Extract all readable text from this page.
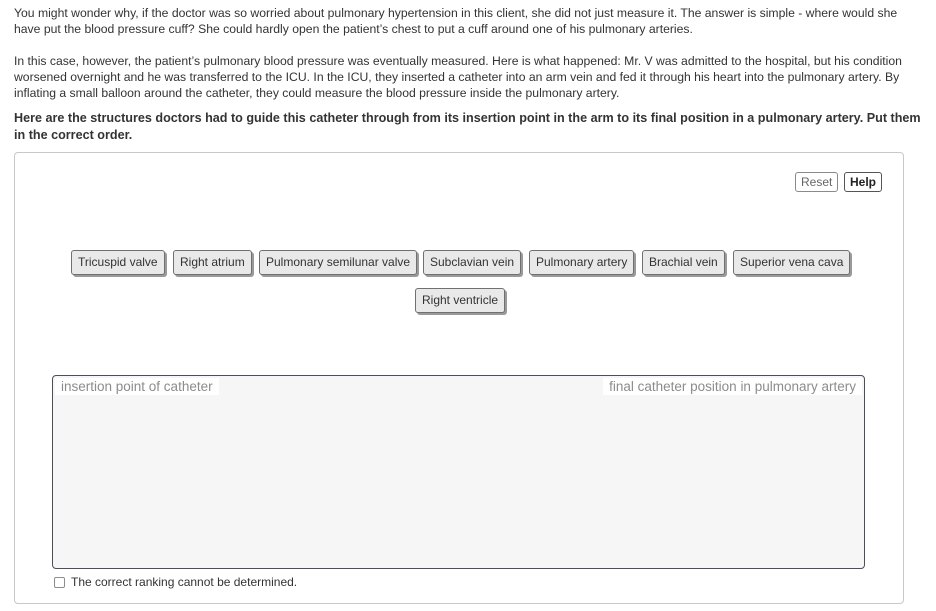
You might wonder why, if the doctor was so worried about pulmonary hypertension in this client, she did not just measure it. The answer is simple - where would she have put the blood pressure cuff? She could hardly open the patient’s chest to put a cuff around one of his pulmonary arteries.

In this case, however, the patient’s pulmonary blood pressure was eventually measured. Here is what happened: Mr. V was admitted to the hospital, but his condition worsened overnight and he was transferred to the ICU. In the ICU, they inserted a catheter into an arm vein and fed it through his heart into the pulmonary artery. By inflating a small balloon around the catheter, they could measure the blood pressure inside the pulmonary artery.

Here are the structures doctors had to guide this catheter through from its insertion point in the arm to its final position in a pulmonary artery. Put them in the correct order.

Reset	Help
Tricuspid valve	Right atrium	Pulmonary semilunar valve	Subclavian vein	Pulmonary artery	Brachial vein	Superior vena cava
Right ventricle
insertion point of catheter	final catheter position in pulmonary artery
The correct ranking cannot be determined.
